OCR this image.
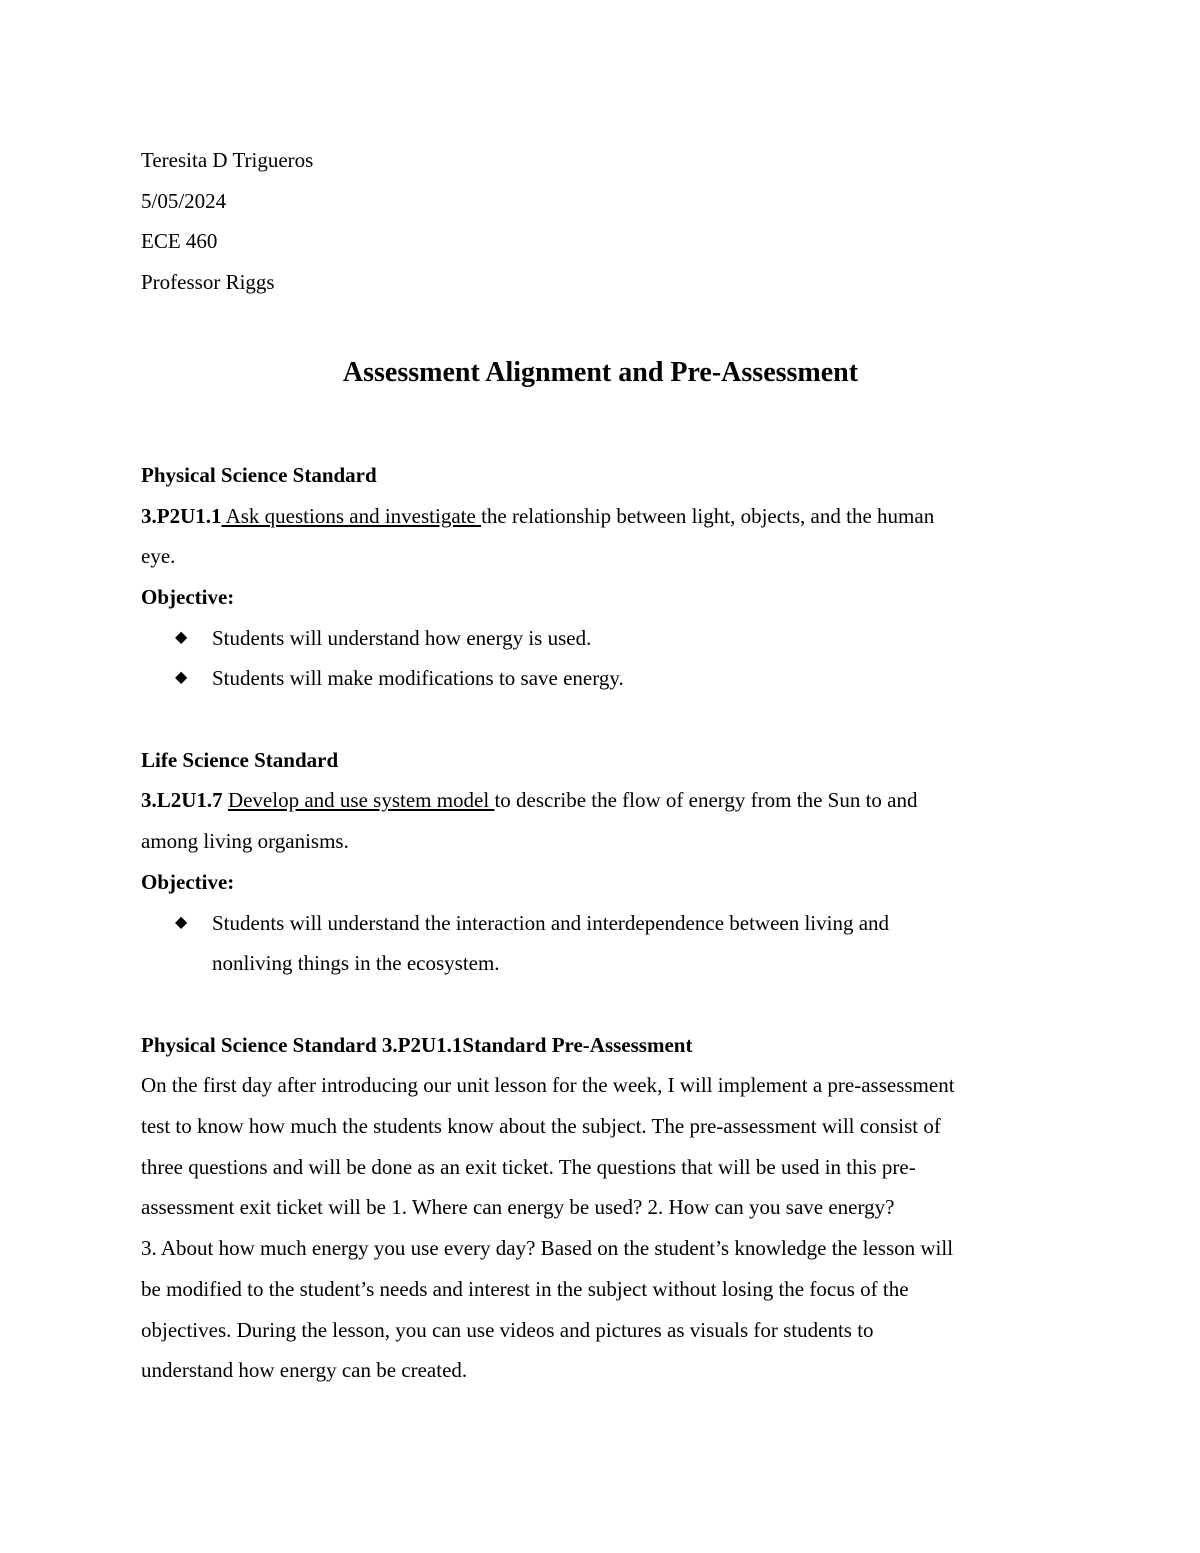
Teresita D Trigueros

5/05/2024

ECE 460

Professor Riggs

Assessment Alignment and Pre-Assessment

Physical Science Standard

3.P2U1.1 Ask questions and investigate the relationship between light, objects, and the human

eye.

Objective:

◆ Students will understand how energy is used.
◆ Students will make modifications to save energy.

Life Science Standard

3.L2U1.7 Develop and use system model to describe the flow of energy from the Sun to and

among living organisms.

Objective:

◆ Students will understand the interaction and interdependence between living and
nonliving things in the ecosystem.

Physical Science Standard 3.P2U1.1Standard Pre-Assessment

On the first day after introducing our unit lesson for the week, I will implement a pre-assessment

test to know how much the students know about the subject. The pre-assessment will consist of

three questions and will be done as an exit ticket. The questions that will be used in this pre-

assessment exit ticket will be 1. Where can energy be used? 2. How can you save energy?

3. About how much energy you use every day? Based on the student’s knowledge the lesson will

be modified to the student’s needs and interest in the subject without losing the focus of the

objectives. During the lesson, you can use videos and pictures as visuals for students to

understand how energy can be created.
